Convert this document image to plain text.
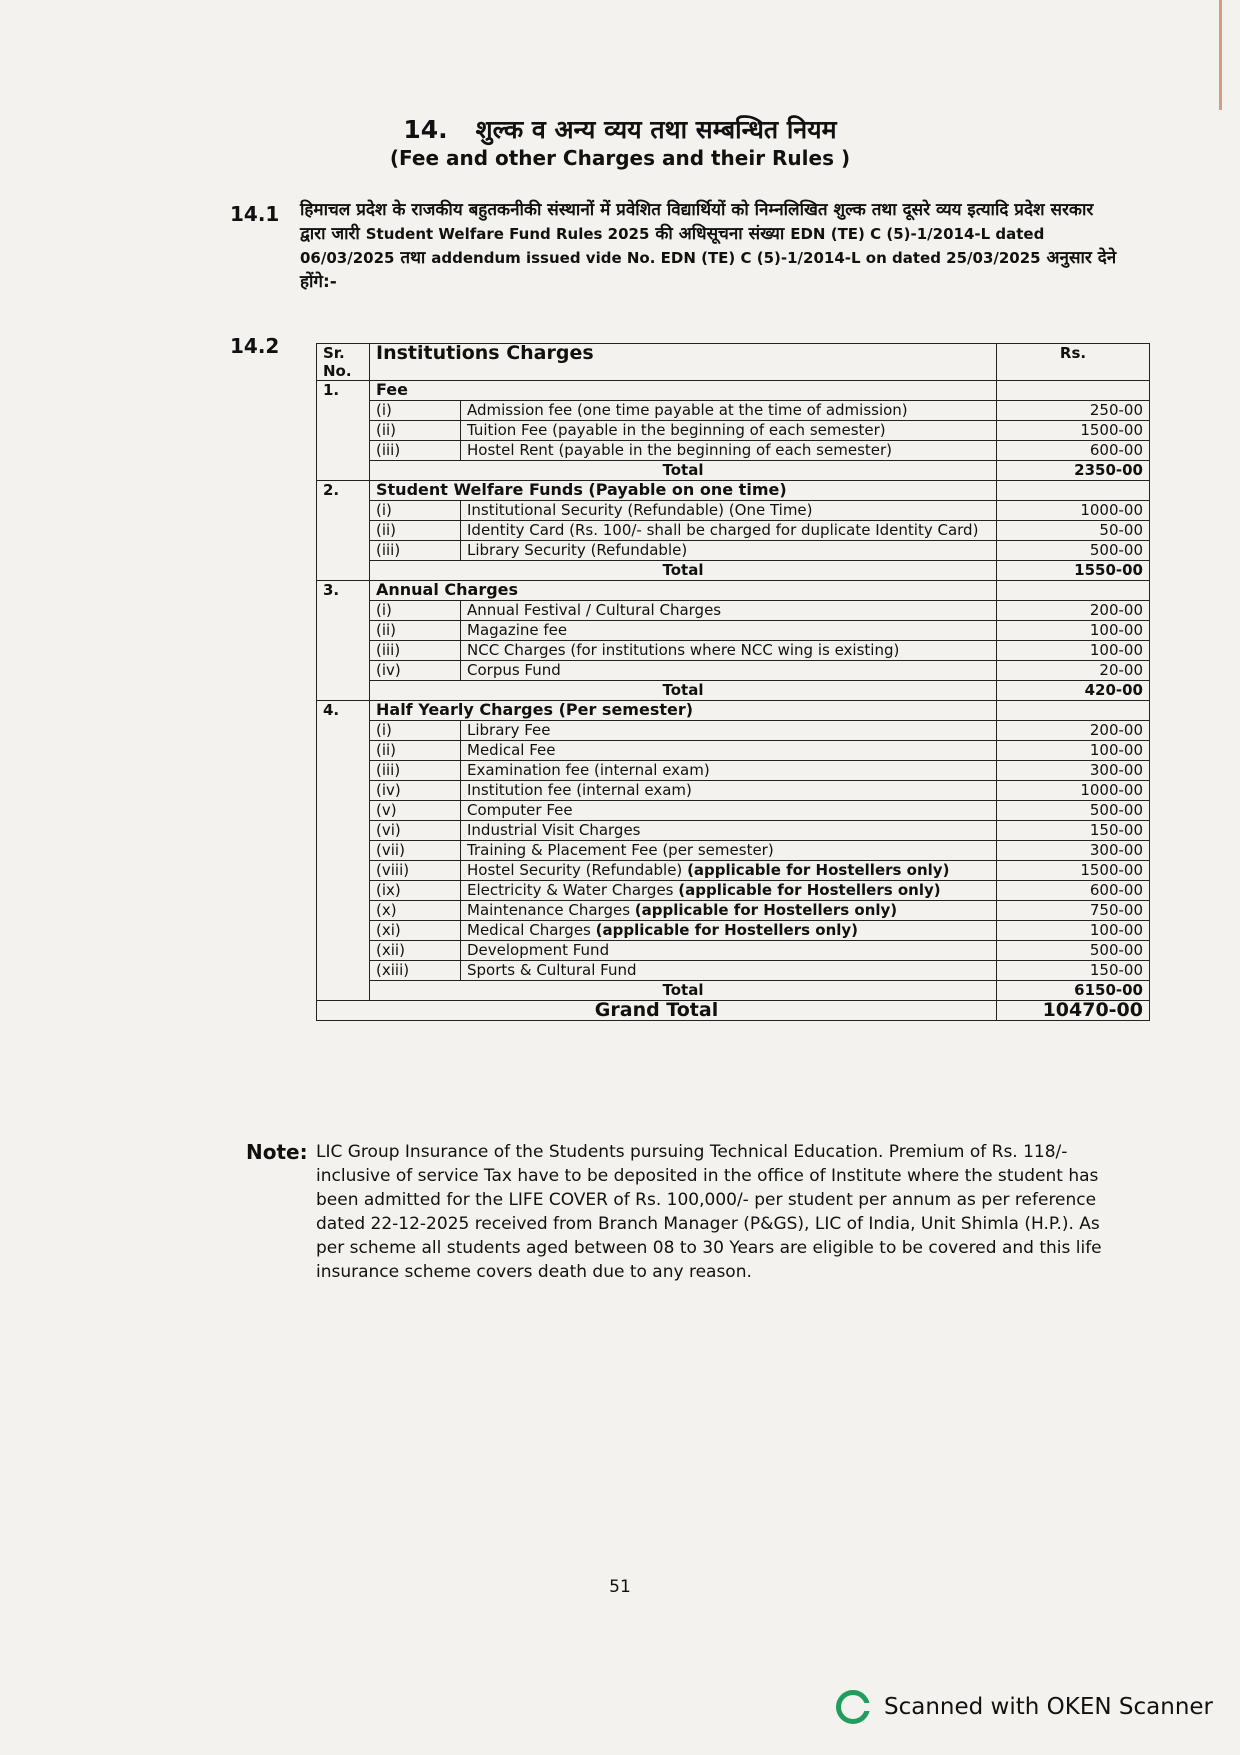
14. शुल्क व अन्य व्यय तथा सम्बन्धित नियम
(Fee and other Charges and their Rules )
14.1 हिमाचल प्रदेश के राजकीय बहुतकनीकी संस्थानों में प्रवेशित विद्यार्थियों को निम्नलिखित शुल्क तथा दूसरे व्यय इत्यादि प्रदेश सरकार द्वारा जारी Student Welfare Fund Rules 2025 की अधिसूचना संख्या EDN (TE) C (5)-1/2014-L dated 06/03/2025 तथा addendum issued vide No. EDN (TE) C (5)-1/2014-L on dated 25/03/2025 अनुसार देने होंगे:-
14.2	Sr. No.	Institutions Charges		Rs.
1.	Fee		
	(i)	Admission fee (one time payable at the time of admission)	250-00
	(ii)	Tuition Fee (payable in the beginning of each semester)	1500-00
	(iii)	Hostel Rent (payable in the beginning of each semester)	600-00
	Total		2350-00
2.	Student Welfare Funds (Payable on one time)		
	(i)	Institutional Security (Refundable) (One Time)	1000-00
	(ii)	Identity Card (Rs. 100/- shall be charged for duplicate Identity Card)	50-00
	(iii)	Library Security (Refundable)	500-00
	Total		1550-00
3.	Annual Charges		
	(i)	Annual Festival / Cultural Charges	200-00
	(ii)	Magazine fee	100-00
	(iii)	NCC Charges (for institutions where NCC wing is existing)	100-00
	(iv)	Corpus Fund	20-00
	Total		420-00
4.	Half Yearly Charges (Per semester)		
	(i)	Library Fee	200-00
	(ii)	Medical Fee	100-00
	(iii)	Examination fee (internal exam)	300-00
	(iv)	Institution fee (internal exam)	1000-00
	(v)	Computer Fee	500-00
	(vi)	Industrial Visit Charges	150-00
	(vii)	Training & Placement Fee (per semester)	300-00
	(viii)	Hostel Security (Refundable) (applicable for Hostellers only)	1500-00
	(ix)	Electricity & Water Charges (applicable for Hostellers only)	600-00
	(x)	Maintenance Charges (applicable for Hostellers only)	750-00
	(xi)	Medical Charges (applicable for Hostellers only)	100-00
	(xii)	Development Fund	500-00
	(xiii)	Sports & Cultural Fund	150-00
	Total		6150-00
Grand Total			10470-00
Note: LIC Group Insurance of the Students pursuing Technical Education. Premium of Rs. 118/- inclusive of service Tax have to be deposited in the office of Institute where the student has been admitted for the LIFE COVER of Rs. 100,000/- per student per annum as per reference dated 22-12-2025 received from Branch Manager (P&GS), LIC of India, Unit Shimla (H.P.). As per scheme all students aged between 08 to 30 Years are eligible to be covered and this life insurance scheme covers death due to any reason.
51
Scanned with OKEN Scanner
